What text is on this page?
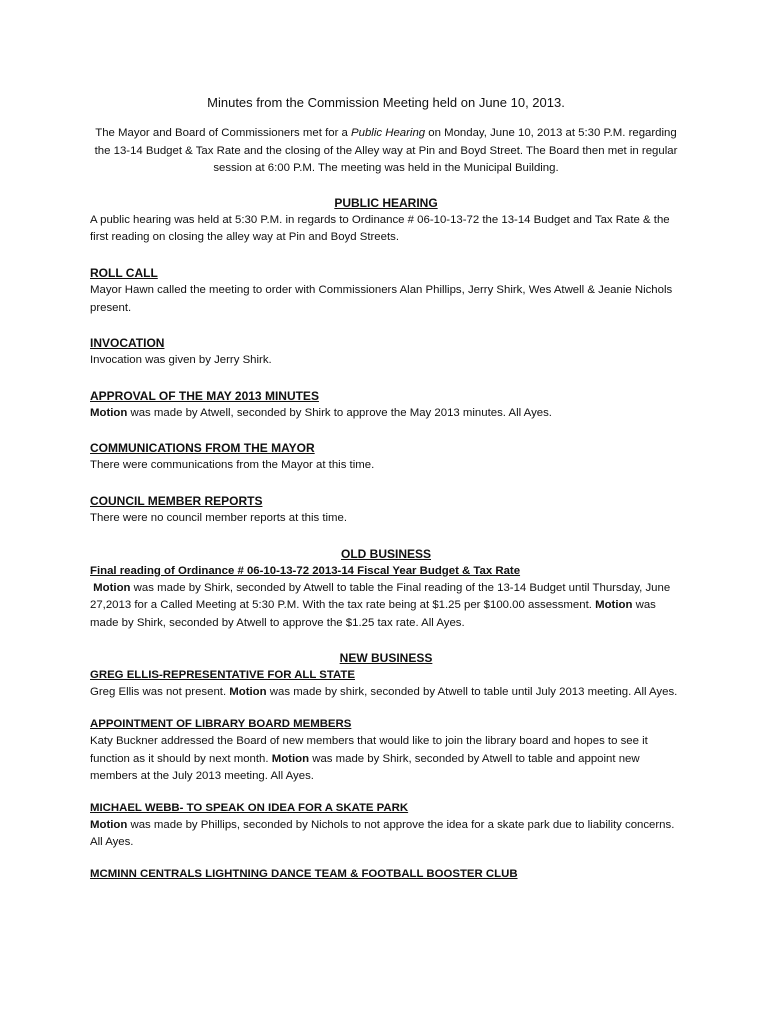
Minutes from the Commission Meeting held on June 10, 2013.

The Mayor and Board of Commissioners met for a Public Hearing on Monday, June 10, 2013 at 5:30 P.M. regarding the 13-14 Budget & Tax Rate and the closing of the Alley way at Pin and Boyd Street. The Board then met in regular session at 6:00 P.M. The meeting was held in the Municipal Building.

PUBLIC HEARING

A public hearing was held at 5:30 P.M. in regards to Ordinance # 06-10-13-72 the 13-14 Budget and Tax Rate & the first reading on closing the alley way at Pin and Boyd Streets.

ROLL CALL

Mayor Hawn called the meeting to order with Commissioners Alan Phillips, Jerry Shirk, Wes Atwell & Jeanie Nichols present.

INVOCATION

Invocation was given by Jerry Shirk.

APPROVAL OF THE MAY 2013 MINUTES

Motion was made by Atwell, seconded by Shirk to approve the May 2013 minutes. All Ayes.

COMMUNICATIONS FROM THE MAYOR

There were communications from the Mayor at this time.

COUNCIL MEMBER REPORTS

There were no council member reports at this time.

OLD BUSINESS
Final reading of Ordinance # 06-10-13-72 2013-14 Fiscal Year Budget & Tax Rate

Motion was made by Shirk, seconded by Atwell to table the Final reading of the 13-14 Budget until Thursday, June 27,2013 for a Called Meeting at 5:30 P.M. With the tax rate being at $1.25 per $100.00 assessment. Motion was made by Shirk, seconded by Atwell to approve the $1.25 tax rate. All Ayes.

NEW BUSINESS
GREG ELLIS-REPRESENTATIVE FOR ALL STATE

Greg Ellis was not present. Motion was made by shirk, seconded by Atwell to table until July 2013 meeting. All Ayes.

APPOINTMENT OF LIBRARY BOARD MEMBERS

Katy Buckner addressed the Board of new members that would like to join the library board and hopes to see it function as it should by next month. Motion was made by Shirk, seconded by Atwell to table and appoint new members at the July 2013 meeting. All Ayes.

MICHAEL WEBB- TO SPEAK ON IDEA FOR A SKATE PARK

Motion was made by Phillips, seconded by Nichols to not approve the idea for a skate park due to liability concerns. All Ayes.

MCMINN CENTRALS LIGHTNING DANCE TEAM & FOOTBALL BOOSTER CLUB
